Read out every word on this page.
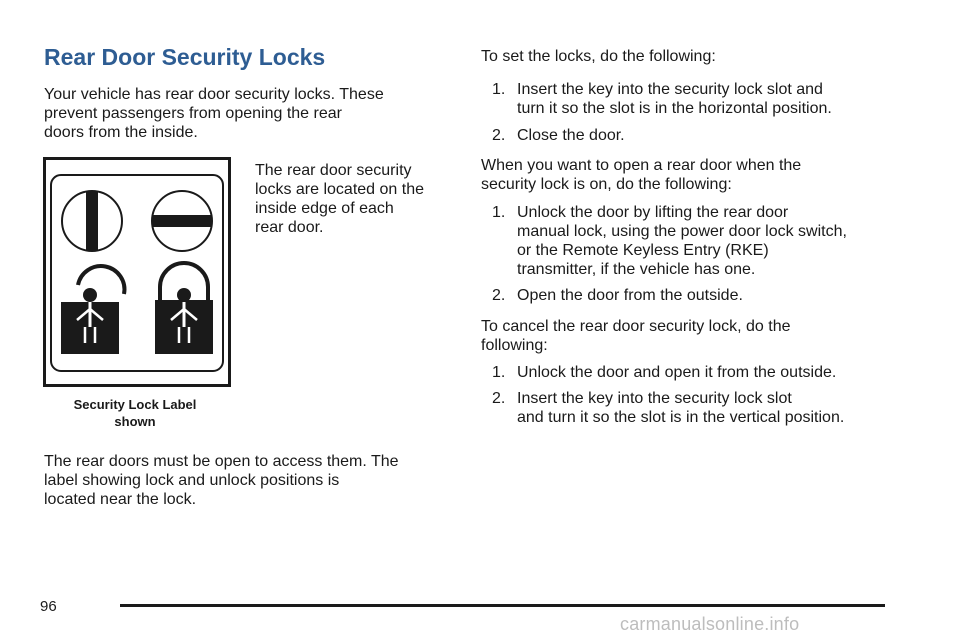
Rear Door Security Locks

Your vehicle has rear door security locks. These
prevent passengers from opening the rear
doors from the inside.

The rear door security
locks are located on the
inside edge of each
rear door.

Security Lock Label
shown

The rear doors must be open to access them. The
label showing lock and unlock positions is
located near the lock.

To set the locks, do the following:

1. Insert the key into the security lock slot and
turn it so the slot is in the horizontal position.
2. Close the door.

When you want to open a rear door when the
security lock is on, do the following:

1. Unlock the door by lifting the rear door
manual lock, using the power door lock switch,
or the Remote Keyless Entry (RKE)
transmitter, if the vehicle has one.
2. Open the door from the outside.

To cancel the rear door security lock, do the
following:

1. Unlock the door and open it from the outside.
2. Insert the key into the security lock slot
and turn it so the slot is in the vertical position.
96
carmanualsonline.info
